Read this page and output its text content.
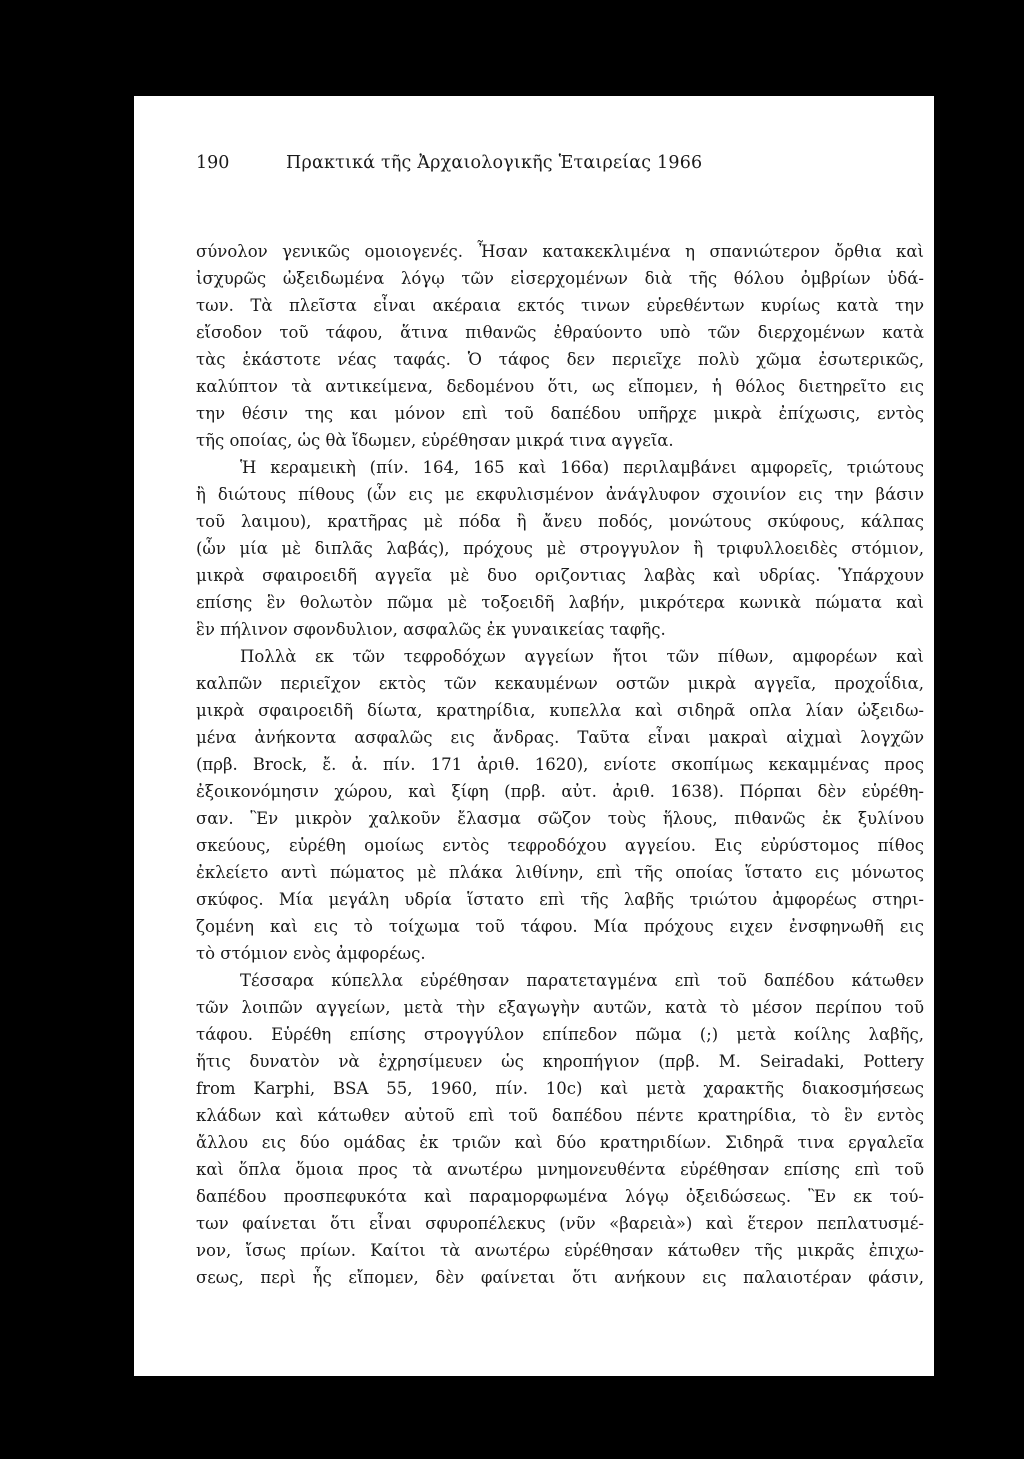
190	Πρακτικά τῆς Ἀρχαιολογικῆς Ἑταιρείας 1966
σύνολον γενικῶς ομοιογενές. Ἦσαν κατακεκλιμένα η σπανιώτερον ὄρθια καὶ
ἰσχυρῶς ὠξειδωμένα λόγῳ τῶν εἰσερχομένων διὰ τῆς θόλου ὀμβρίων ὑδά-
των. Τὰ πλεῖστα εἶναι ακέραια εκτός τινων εὑρεθέντων κυρίως κατὰ την
εἴσοδον τοῦ τάφου, ἅτινα πιθανῶς ἐθραύοντο υπὸ τῶν διερχομένων κατὰ
τὰς ἑκάστοτε νέας ταφάς. Ὁ τάφος δεν περιεῖχε πολὺ χῶμα ἐσωτερικῶς,
καλύπτον τὰ αντικείμενα, δεδομένου ὅτι, ως εἴπομεν, ἡ θόλος διετηρεῖτο εις
την θέσιν της και μόνον επὶ τοῦ δαπέδου υπῆρχε μικρὰ ἐπίχωσις, εντὸς
τῆς οποίας, ὡς θὰ ἴδωμεν, εὑρέθησαν μικρά τινα αγγεῖα.
Ἡ κεραμεικὴ (πίν. 164, 165 καὶ 166α) περιλαμβάνει αμφορεῖς, τριώτους
ἢ διώτους πίθους (ὧν εις με εκφυλισμένον ἀνάγλυφον σχοινίον εις την βάσιν
τοῦ λαιμου), κρατῆρας μὲ πόδα ἢ ἄνευ ποδός, μονώτους σκύφους, κάλπας
(ὧν μία μὲ διπλᾶς λαβάς), πρόχους μὲ στρογγυλον ἢ τριφυλλοειδὲς στόμιον,
μικρὰ σφαιροειδῆ αγγεῖα μὲ δυο οριζοντιας λαβὰς καὶ υδρίας. Ὑπάρχουν
επίσης ἓν θολωτὸν πῶμα μὲ τοξοειδῆ λαβήν, μικρότερα κωνικὰ πώματα καὶ
ἓν πήλινον σφονδυλιον, ασφαλῶς ἐκ γυναικείας ταφῆς.
Πολλὰ εκ τῶν τεφροδόχων αγγείων ἤτοι τῶν πίθων, αμφορέων καὶ
καλπῶν περιεῖχον εκτὸς τῶν κεκαυμένων οστῶν μικρὰ αγγεῖα, προχοΐδια,
μικρὰ σφαιροειδῆ δίωτα, κρατηρίδια, κυπελλα καὶ σιδηρᾶ οπλα λίαν ὠξειδω-
μένα ἀνήκοντα ασφαλῶς εις ἄνδρας. Ταῦτα εἶναι μακραὶ αἰχμαὶ λογχῶν
(πρβ. Brock, ἔ. ἀ. πίν. 171 ἀριθ. 1620), ενίοτε σκοπίμως κεκαμμένας προς
ἐξοικονόμησιν χώρου, καὶ ξίφη (πρβ. αὐτ. ἀριθ. 1638). Πόρπαι δὲν εὑρέθη-
σαν. Ἓν μικρὸν χαλκοῦν ἔλασμα σῶζον τοὺς ἥλους, πιθανῶς ἐκ ξυλίνου
σκεύους, εὑρέθη ομοίως εντὸς τεφροδόχου αγγείου. Εις εὐρύστομος πίθος
ἐκλείετο αντὶ πώματος μὲ πλάκα λιθίνην, επὶ τῆς οποίας ἵστατο εις μόνωτος
σκύφος. Μία μεγάλη υδρία ἵστατο επὶ τῆς λαβῆς τριώτου ἀμφορέως στηρι-
ζομένη καὶ εις τὸ τοίχωμα τοῦ τάφου. Μία πρόχους ειχεν ἐνσφηνωθῆ εις
τὸ στόμιον ενὸς ἀμφορέως.
Τέσσαρα κύπελλα εὑρέθησαν παρατεταγμένα επὶ τοῦ δαπέδου κάτωθεν
τῶν λοιπῶν αγγείων, μετὰ τὴν εξαγωγὴν αυτῶν, κατὰ τὸ μέσον περίπου τοῦ
τάφου. Εὑρέθη επίσης στρογγύλον επίπεδον πῶμα (;) μετὰ κοίλης λαβῆς,
ἥτις δυνατὸν νὰ ἐχρησίμευεν ὡς κηροπήγιον (πρβ. M. Seiradaki, Pottery
from Karphi, BSA 55, 1960, πίν. 10c) καὶ μετὰ χαρακτῆς διακοσμήσεως
κλάδων καὶ κάτωθεν αὐτοῦ επὶ τοῦ δαπέδου πέντε κρατηρίδια, τὸ ἓν εντὸς
ἄλλου εις δύο ομάδας ἐκ τριῶν καὶ δύο κρατηριδίων. Σιδηρᾶ τινα εργαλεῖα
καὶ ὅπλα ὅμοια προς τὰ ανωτέρω μνημονευθέντα εὑρέθησαν επίσης επὶ τοῦ
δαπέδου προσπεφυκότα καὶ παραμορφωμένα λόγῳ ὀξειδώσεως. Ἓν εκ τού-
των φαίνεται ὅτι εἶναι σφυροπέλεκυς (νῦν «βαρειὰ») καὶ ἕτερον πεπλατυσμέ-
νον, ἴσως πρίων. Καίτοι τὰ ανωτέρω εὑρέθησαν κάτωθεν τῆς μικρᾶς ἐπιχω-
σεως, περὶ ἧς εἴπομεν, δὲν φαίνεται ὅτι ανήκουν εις παλαιοτέραν φάσιν,
